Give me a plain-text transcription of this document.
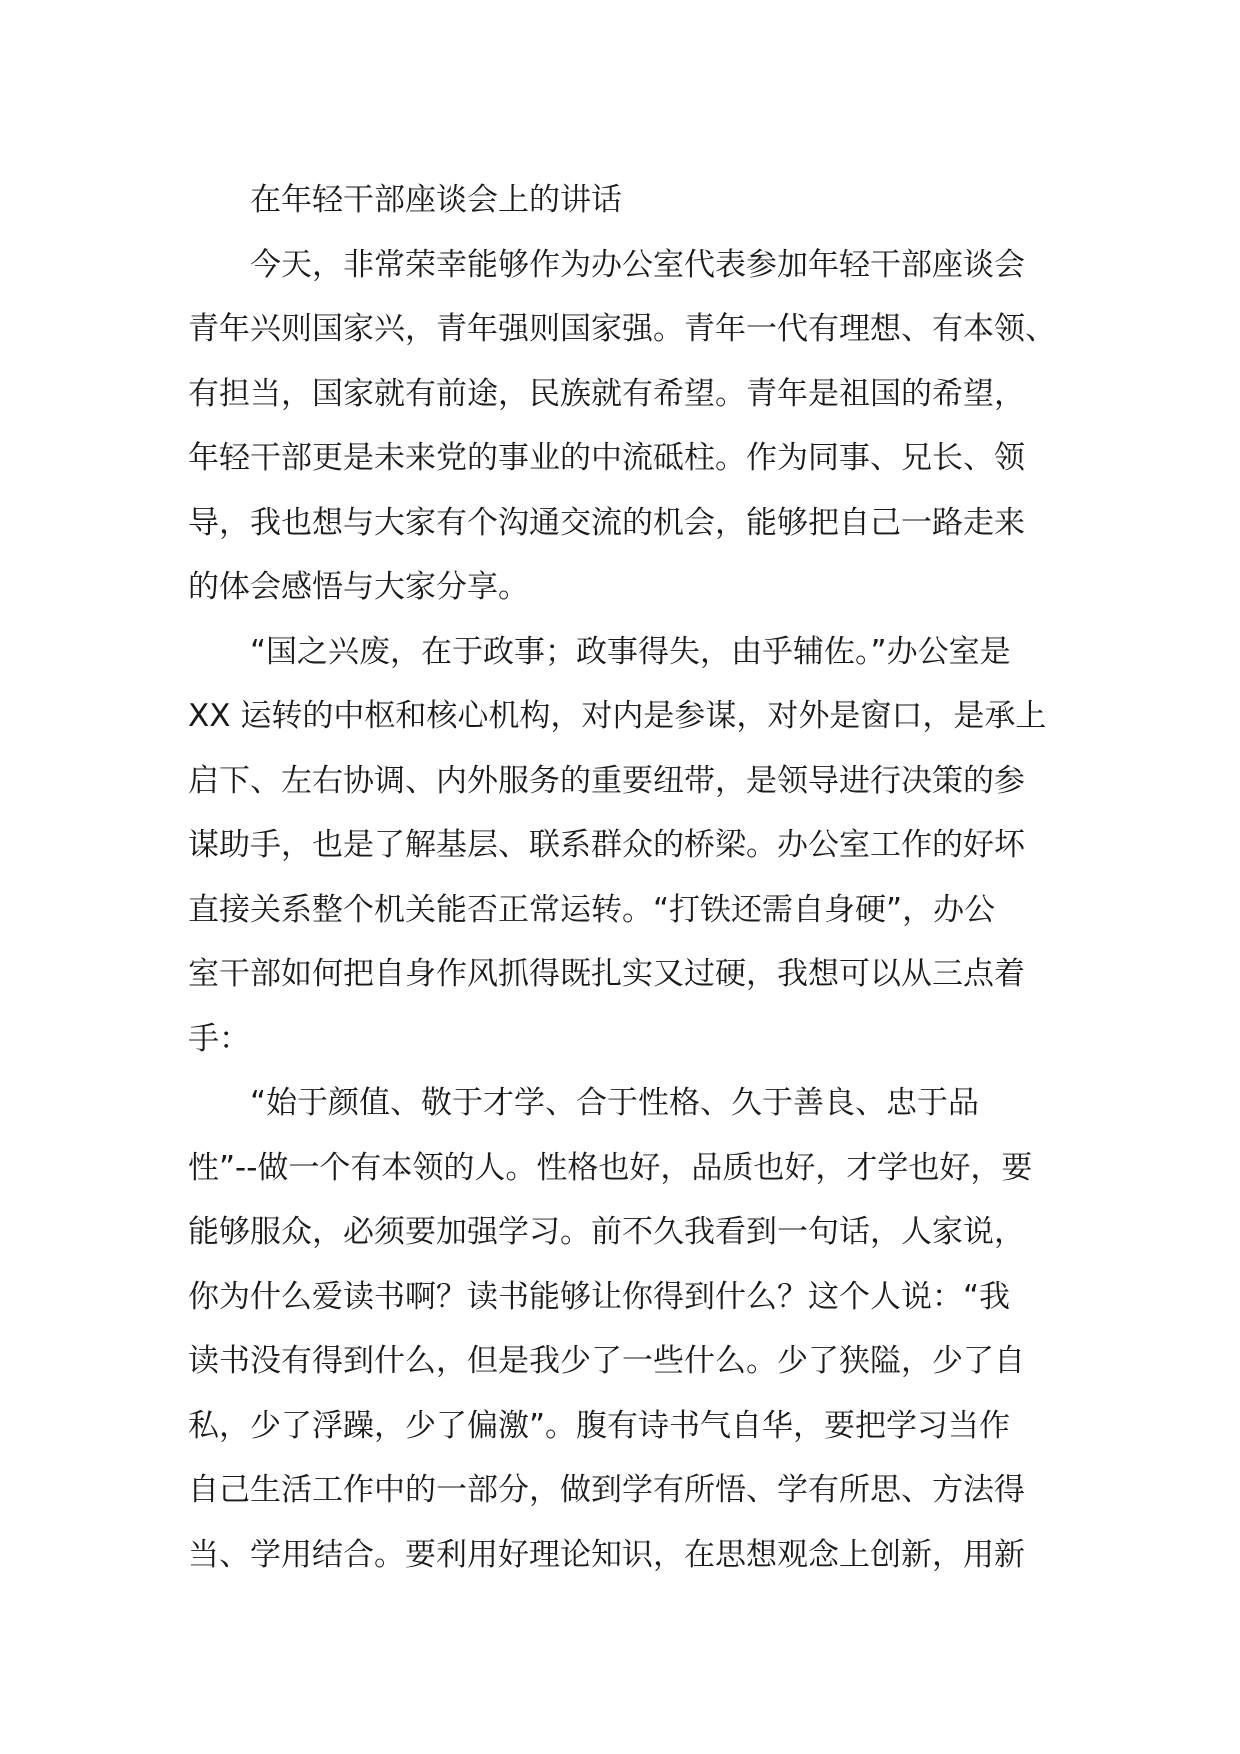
在年轻干部座谈会上的讲话
今天，非常荣幸能够作为办公室代表参加年轻干部座谈会
青年兴则国家兴，青年强则国家强。青年一代有理想、有本领、
有担当，国家就有前途，民族就有希望。青年是祖国的希望，
年轻干部更是未来党的事业的中流砥柱。作为同事、兄长、领
导，我也想与大家有个沟通交流的机会，能够把自己一路走来
的体会感悟与大家分享。
“国之兴废，在于政事；政事得失，由乎辅佐。”办公室是
XX 运转的中枢和核心机构，对内是参谋，对外是窗口，是承上
启下、左右协调、内外服务的重要纽带，是领导进行决策的参
谋助手，也是了解基层、联系群众的桥梁。办公室工作的好坏
直接关系整个机关能否正常运转。“打铁还需自身硬”，办公
室干部如何把自身作风抓得既扎实又过硬，我想可以从三点着
手：
“始于颜值、敬于才学、合于性格、久于善良、忠于品
性”--做一个有本领的人。性格也好，品质也好，才学也好，要
能够服众，必须要加强学习。前不久我看到一句话，人家说，
你为什么爱读书啊？读书能够让你得到什么？这个人说：“我
读书没有得到什么，但是我少了一些什么。少了狭隘，少了自
私，少了浮躁，少了偏激”。腹有诗书气自华，要把学习当作
自己生活工作中的一部分，做到学有所悟、学有所思、方法得
当、学用结合。要利用好理论知识，在思想观念上创新，用新
